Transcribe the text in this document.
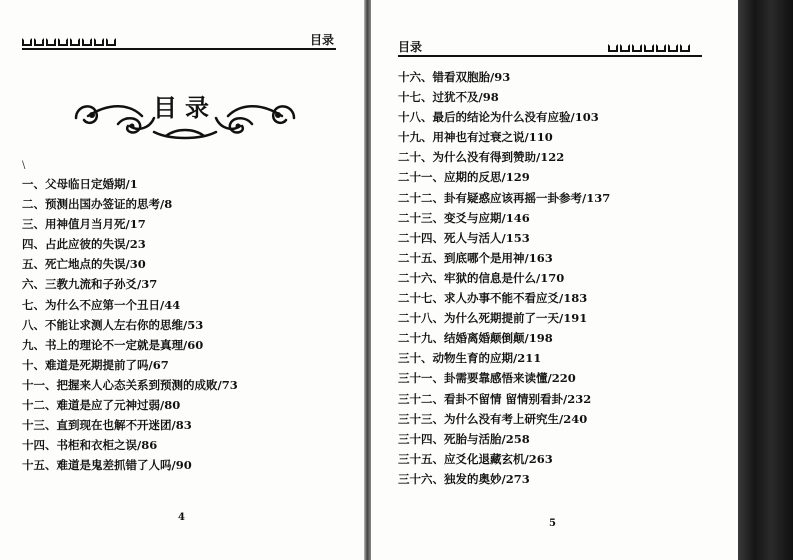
目录	目录
目录
\
一、父母临日定婚期/1
二、预测出国办签证的思考/8
三、用神值月当月死/17
四、占此应彼的失误/23
五、死亡地点的失误/30
六、三教九流和子孙爻/37
七、为什么不应第一个丑日/44
八、不能让求测人左右你的思维/53
九、书上的理论不一定就是真理/60
十、难道是死期提前了吗/67
十一、把握来人心态关系到预测的成败/73
十二、难道是应了元神过弱/80
十三、直到现在也解不开迷团/83
十四、书柜和衣柜之误/86
十五、难道是鬼差抓错了人吗/90
4
十六、错看双胞胎/93
十七、过犹不及/98
十八、最后的结论为什么没有应验/103
十九、用神也有过衰之说/110
二十、为什么没有得到赞助/122
二十一、应期的反思/129
二十二、卦有疑惑应该再摇一卦参考/137
二十三、变爻与应期/146
二十四、死人与活人/153
二十五、到底哪个是用神/163
二十六、牢狱的信息是什么/170
二十七、求人办事不能不看应爻/183
二十八、为什么死期提前了一天/191
二十九、结婚离婚颠倒颠/198
三十、动物生育的应期/211
三十一、卦需要靠感悟来读懂/220
三十二、看卦不留情 留情别看卦/232
三十三、为什么没有考上研究生/240
三十四、死胎与活胎/258
三十五、应爻化退藏玄机/263
三十六、独发的奥妙/273
5
